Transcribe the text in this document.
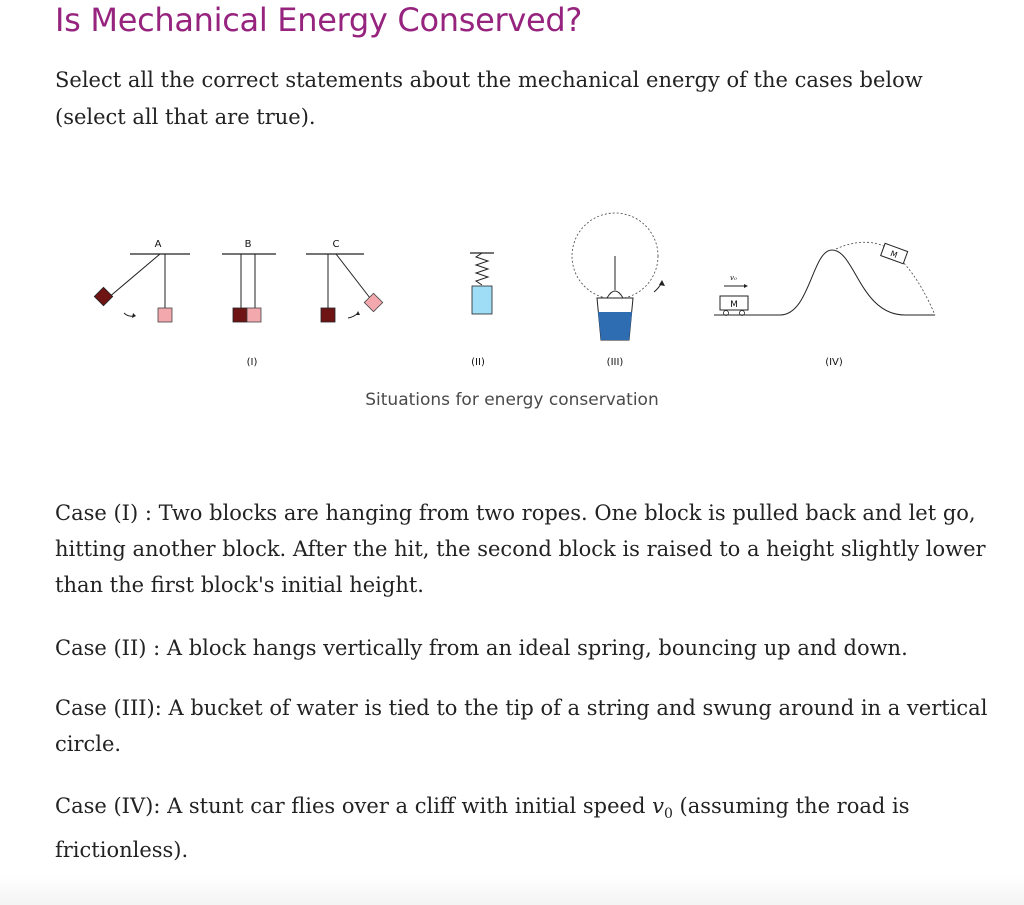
Is Mechanical Energy Conserved?

Select all the correct statements about the mechanical energy of the cases below (select all that are true).

A	B	C
(I)	(II)	(III)
v₀
M
M
(IV)
Situations for energy conservation

Case (I) : Two blocks are hanging from two ropes. One block is pulled back and let go, hitting another block. After the hit, the second block is raised to a height slightly lower than the first block's initial height.

Case (II) : A block hangs vertically from an ideal spring, bouncing up and down.

Case (III): A bucket of water is tied to the tip of a string and swung around in a vertical circle.

Case (IV): A stunt car flies over a cliff with initial speed $v_0$ (assuming the road is frictionless).
